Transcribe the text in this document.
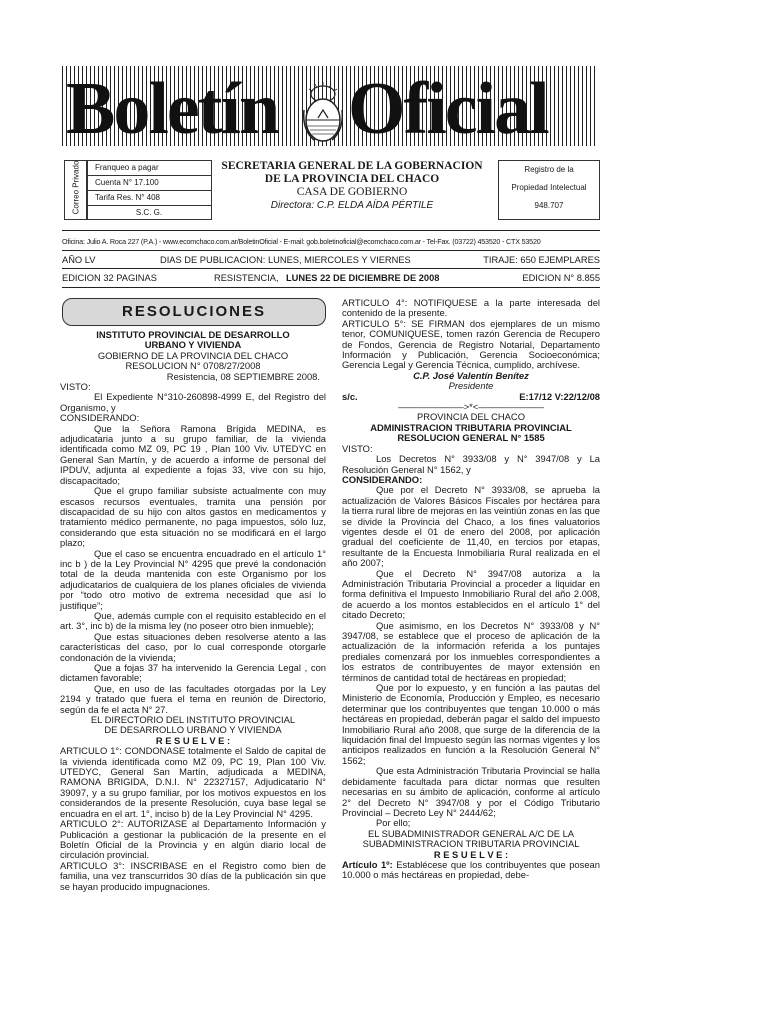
Boletín Oficial
Correo Privado	Franqueo a pagar
Cuenta N° 17.100
Tarifa Res. N° 408
S.C. G.
SECRETARIA GENERAL DE LA GOBERNACION
DE LA PROVINCIA DEL CHACO
CASA DE GOBIERNO
Directora: C.P. ELDA AÍDA PÉRTILE
Registro de la
Propiedad Intelectual
948.707
Oficina: Julio A. Roca 227 (P.A.) - www.ecomchaco.com.ar/BoletinOficial - E-mail: gob.boletinoficial@ecomchaco.com.ar - Tel-Fax. (03722) 453520 - CTX 53520
AÑO LV	DIAS DE PUBLICACION: LUNES, MIERCOLES Y VIERNES	TIRAJE: 650 EJEMPLARES
EDICION 32 PAGINAS	RESISTENCIA, LUNES 22 DE DICIEMBRE DE 2008	EDICION N° 8.855
RESOLUCIONES

INSTITUTO PROVINCIAL DE DESARROLLO

URBANO Y VIVIENDA

GOBIERNO DE LA PROVINCIA DEL CHACO

RESOLUCION N° 0708/27/2008

Resistencia, 08 SEPTIEMBRE 2008.

VISTO:

El Expediente N°310-260898-4999 E, del Registro del Organismo, y

CONSIDERANDO:

Que la Señora Ramona Brígida MEDINA, es adjudicataria junto a su grupo familiar, de la vivienda identificada como MZ 09, PC 19 , Plan 100 Viv. UTEDYC en General San Martín, y de acuerdo a informe de personal del IPDUV, adjunta al expediente a fojas 33, vive con su hijo, discapacitado;

Que el grupo familiar subsiste actualmente con muy escasos recursos eventuales, tramita una pensión por discapacidad de su hijo con altos gastos en medicamentos y tratamiento médico permanente, no paga impuestos, sólo luz, considerando que esta situación no se modificará en el largo plazo;

Que el caso se encuentra encuadrado en el artículo 1° inc b ) de la Ley Provincial N° 4295 que prevé la condonación total de la deuda mantenida con este Organismo por los adjudicatarios de cualquiera de los planes oficiales de vivienda por “todo otro motivo de extrema necesidad que así lo justifique”;

Que, además cumple con el requisito establecido en el art. 3°, inc b) de la misma ley (no poseer otro bien inmueble);

Que estas situaciones deben resolverse atento a las características del caso, por lo cual corresponde otorgarle condonación de la vivienda;

Que a fojas 37 ha intervenido la Gerencia Legal , con dictamen favorable;

Que, en uso de las facultades otorgadas por la Ley 2194 y tratado que fuera el tema en reunión de Directorio, según da fe el acta N° 27.

EL DIRECTORIO DEL INSTITUTO PROVINCIAL

DE DESARROLLO URBANO Y VIVIENDA

R E S U E L V E :

ARTICULO 1°: CONDONASE totalmente el Saldo de capital de la vivienda identificada como MZ 09, PC 19, Plan 100 Viv. UTEDYC, General San Martín, adjudicada a MEDINA, RAMONA BRIGIDA, D.N.I. N° 22327157, Adjudicatario N° 39097, y a su grupo familiar, por los motivos expuestos en los considerandos de la presente Resolución, cuya base legal se encuadra en el art. 1°, inciso b) de la Ley Provincial N° 4295.

ARTICULO 2°: AUTORIZASE al Departamento Información y Publicación a gestionar la publicación de la presente en el Boletín Oficial de la Provincia y en algún diario local de circulación provincial.

ARTICULO 3°: INSCRIBASE en el Registro como bien de familia, una vez transcurridos 30 días de la publicación sin que se hayan producido impugnaciones.

ARTICULO 4°: NOTIFIQUESE a la parte interesada del contenido de la presente.

ARTICULO 5°: SE FIRMAN dos ejemplares de un mismo tenor, COMUNIQUESE, tomen razón Gerencia de Recupero de Fondos, Gerencia de Registro Notarial, Departamento Información y Publicación, Gerencia Socioeconómica; Gerencia Legal y Gerencia Técnica, cumplido, archívese.

C.P. José Valentín Benítez

Presidente

s/c.	E:17/12 V:22/12/08

———————>*<———————

PROVINCIA DEL CHACO

ADMINISTRACION TRIBUTARIA PROVINCIAL

RESOLUCION GENERAL N° 1585

VISTO:

Los Decretos N° 3933/08 y N° 3947/08 y La Resolución General N° 1562, y

CONSIDERANDO:

Que por el Decreto N° 3933/08, se aprueba la actualización de Valores Básicos Fiscales por hectárea para la tierra rural libre de mejoras en las veintiún zonas en las que se divide la Provincia del Chaco, a los fines valuatorios vigentes desde el 01 de enero del 2008, por aplicación gradual del coeficiente de 11,40, en tercios por etapas, resultante de la Encuesta Inmobiliaria Rural realizada en el año 2007;

Que el Decreto N° 3947/08 autoriza a la Administración Tributaria Provincial a proceder a liquidar en forma definitiva el Impuesto Inmobiliario Rural del año 2.008, de acuerdo a los montos establecidos en el artículo 1° del citado Decreto;

Que asimismo, en los Decretos N° 3933/08 y N° 3947/08, se establece que el proceso de aplicación de la actualización de la información referida a los puntajes prediales comenzará por los inmuebles correspondientes a los estratos de contribuyentes de mayor extensión en términos de cantidad total de hectáreas en propiedad;

Que por lo expuesto, y en función a las pautas del Ministerio de Economía, Producción y Empleo, es necesario determinar que los contribuyentes que tengan 10.000 o más hectáreas en propiedad, deberán pagar el saldo del impuesto Inmobiliario Rural año 2008, que surge de la diferencia de la liquidación final del Impuesto según las normas vigentes y los anticipos realizados en función a la Resolución General N° 1562;

Que esta Administración Tributaria Provincial se halla debidamente facultada para dictar normas que resulten necesarias en su ámbito de aplicación, conforme al artículo 2° del Decreto N° 3947/08 y por el Código Tributario Provincial – Decreto Ley N° 2444/62;

Por ello;

EL SUBADMINISTRADOR GENERAL A/C DE LA

SUBADMINISTRACION TRIBUTARIA PROVINCIAL

R E S U E L V E :

Artículo 1º: Establécese que los contribuyentes que posean 10.000 o más hectáreas en propiedad, debe-
